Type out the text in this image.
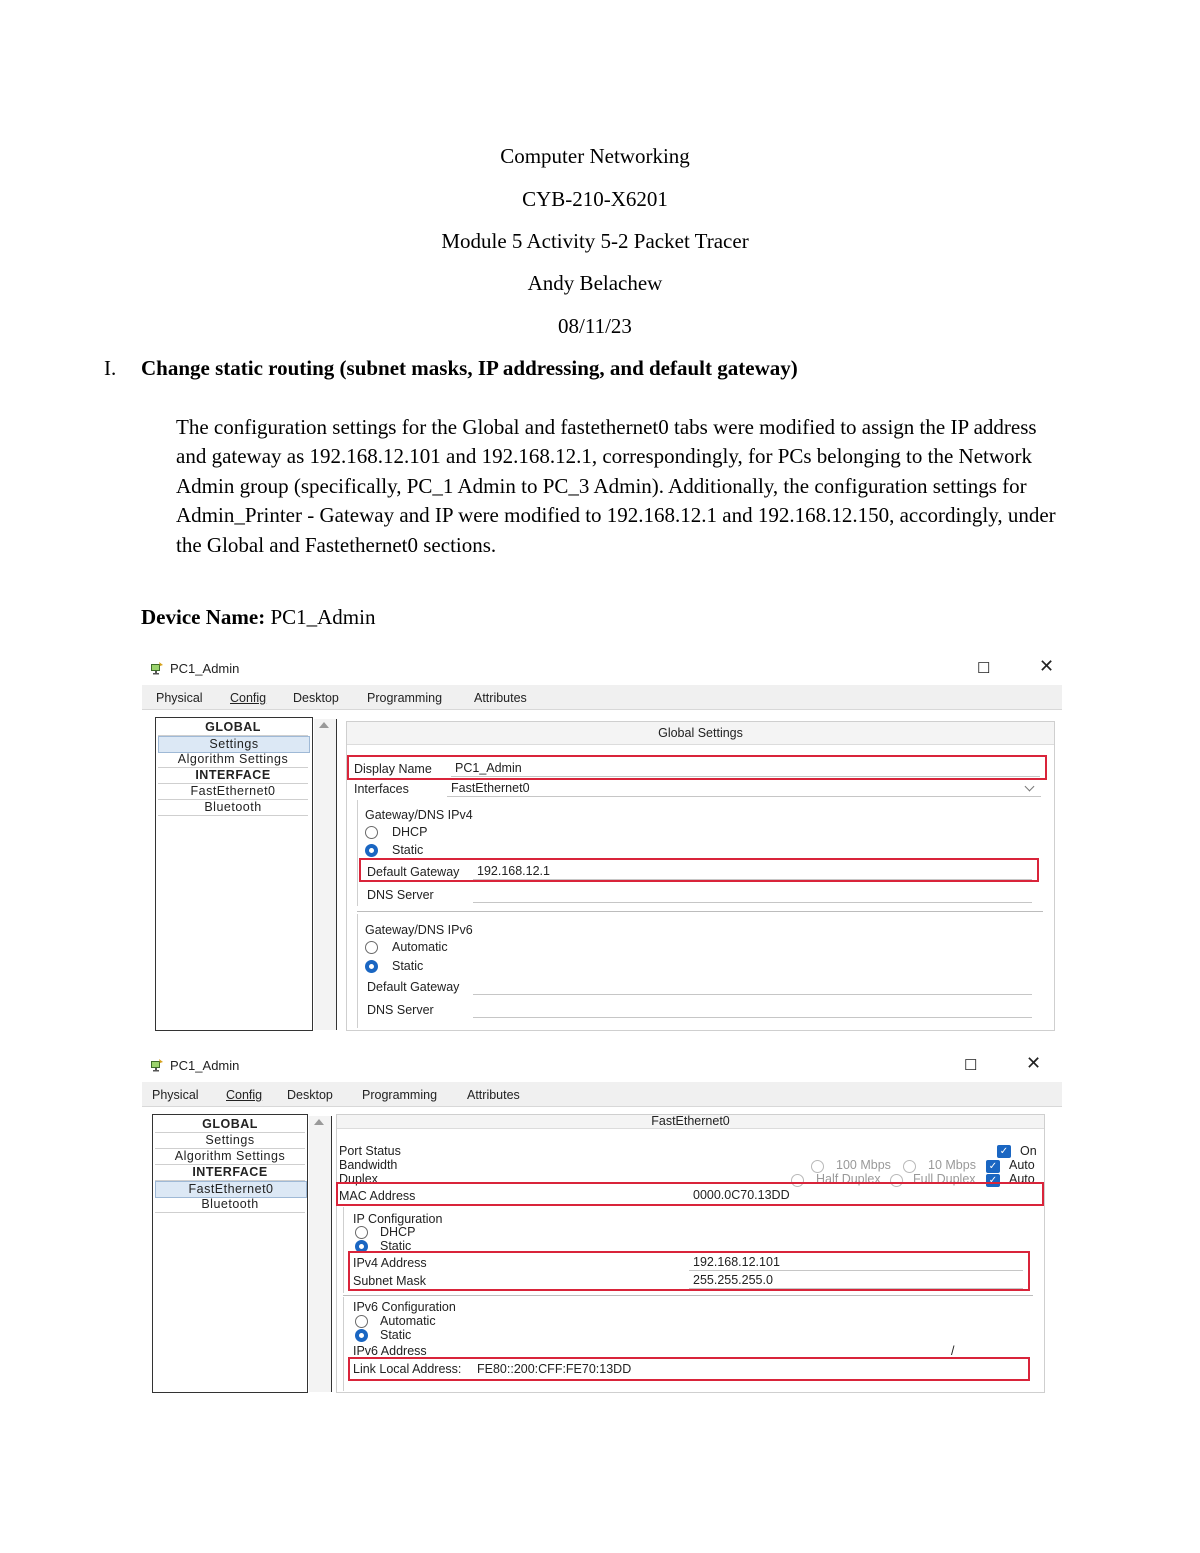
Computer Networking
CYB-210-X6201
Module 5 Activity 5-2 Packet Tracer
Andy Belachew
08/11/23
I. Change static routing (subnet masks, IP addressing, and default gateway)
The configuration settings for the Global and fastethernet0 tabs were modified to assign the IP address and gateway as 192.168.12.101 and 192.168.12.1, correspondingly, for PCs belonging to the Network Admin group (specifically, PC_1 Admin to PC_3 Admin). Additionally, the configuration settings for Admin_Printer - Gateway and IP were modified to 192.168.12.1 and 192.168.12.150, accordingly, under the Global and Fastethernet0 sections.
Device Name: PC1_Admin
PC1_Admin	☐	✕
Physical Config Desktop Programming	Attributes
GLOBAL
Settings
Algorithm Settings
INTERFACE
FastEthernet0
Bluetooth
Global Settings
Display Name	PC1_Admin
Interfaces	FastEthernet0
Gateway/DNS IPv4
DHCP
Static
Default Gateway	192.168.12.1
DNS Server
Gateway/DNS IPv6
Automatic
Static
Default Gateway
DNS Server
PC1_Admin	☐	✕
Physical Config Desktop Programming Attributes
GLOBAL
Settings
Algorithm Settings
INTERFACE
FastEthernet0
Bluetooth
FastEthernet0
Port Status	✓ On
Bandwidth	100 Mbps	10 Mbps ✓ Auto
Duplex	Half Duplex	Full Duplex ✓ Auto
MAC Address	0000.0C70.13DD
IP Configuration
DHCP
Static
IPv4 Address	192.168.12.101
Subnet Mask	255.255.255.0
IPv6 Configuration
Automatic
Static
IPv6 Address	/
Link Local Address: FE80::200:CFF:FE70:13DD
